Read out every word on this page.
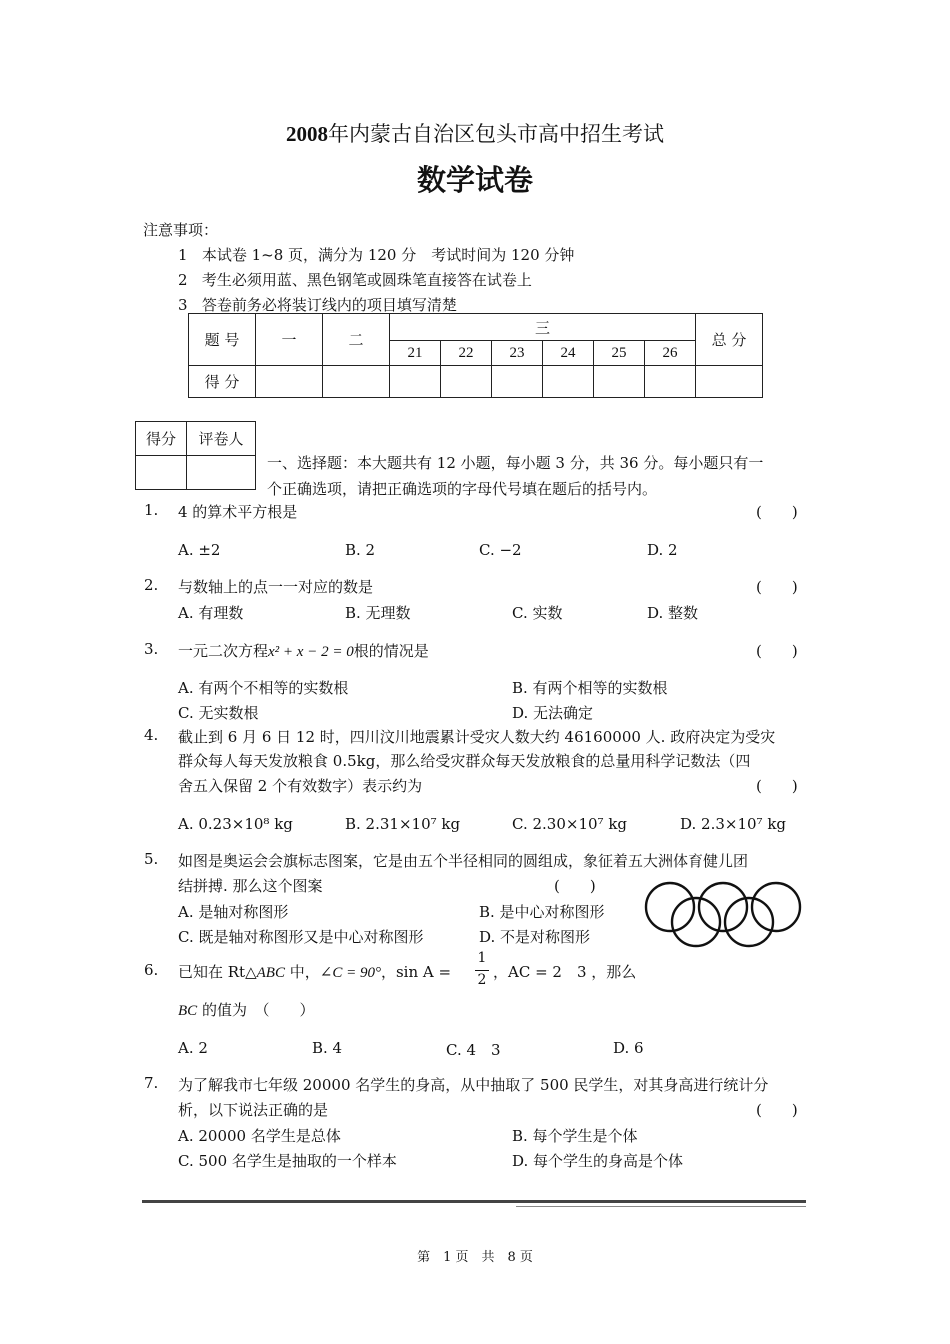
2008年内蒙古自治区包头市高中招生考试
数学试卷
注意事项：
1 本试卷 1~8 页，满分为 120 分　考试时间为 120 分钟
2 考生必须用蓝、黑色钢笔或圆珠笔直接答在试卷上
3 答卷前务必将装订线内的项目填写清楚
题 号	一	二	三						总 分
			21	22	23	24	25	26	
得 分									
得分	评卷人

一、选择题：本大题共有 12 小题，每小题 3 分，共 36 分。每小题只有一
个正确选项，请把正确选项的字母代号填在题后的括号内。
1. 4 的算术平方根是	(　　)
A. ±2	B. 2	C. −2	D. 2
2. 与数轴上的点一一对应的数是	(　　)
A. 有理数	B. 无理数	C. 实数	D. 整数
3. 一元二次方程x² + x − 2 = 0根的情况是	(　　)
A. 有两个不相等的实数根	B. 有两个相等的实数根
C. 无实数根	D. 无法确定
4. 截止到 6 月 6 日 12 时，四川汶川地震累计受灾人数大约 46160000 人. 政府决定为受灾
群众每人每天发放粮食 0.5kg，那么给受灾群众每天发放粮食的总量用科学记数法（四
舍五入保留 2 个有效数字）表示约为	(　　)
A. 0.23×10⁸ kg	B. 2.31×10⁷ kg	C. 2.30×10⁷ kg	D. 2.3×10⁷ kg
5. 如图是奥运会会旗标志图案，它是由五个半径相同的圆组成，象征着五大洲体育健儿团
结拼搏. 那么这个图案	(　　)
A. 是轴对称图形	B. 是中心对称图形
C. 既是轴对称图形又是中心对称图形	D. 不是对称图形
6. 已知在 Rt△ABC 中，∠C = 90°，sin A =
1
2 ，AC = 2　3 ，那么
BC 的值为　（　　）
A. 2	B. 4	C. 4　3	D. 6
7. 为了解我市七年级 20000 名学生的身高，从中抽取了 500 民学生，对其身高进行统计分
析，以下说法正确的是	(　　)
A. 20000 名学生是总体	B. 每个学生是个体
C. 500 名学生是抽取的一个样本	D. 每个学生的身高是个体
第　1 页　共　8 页
